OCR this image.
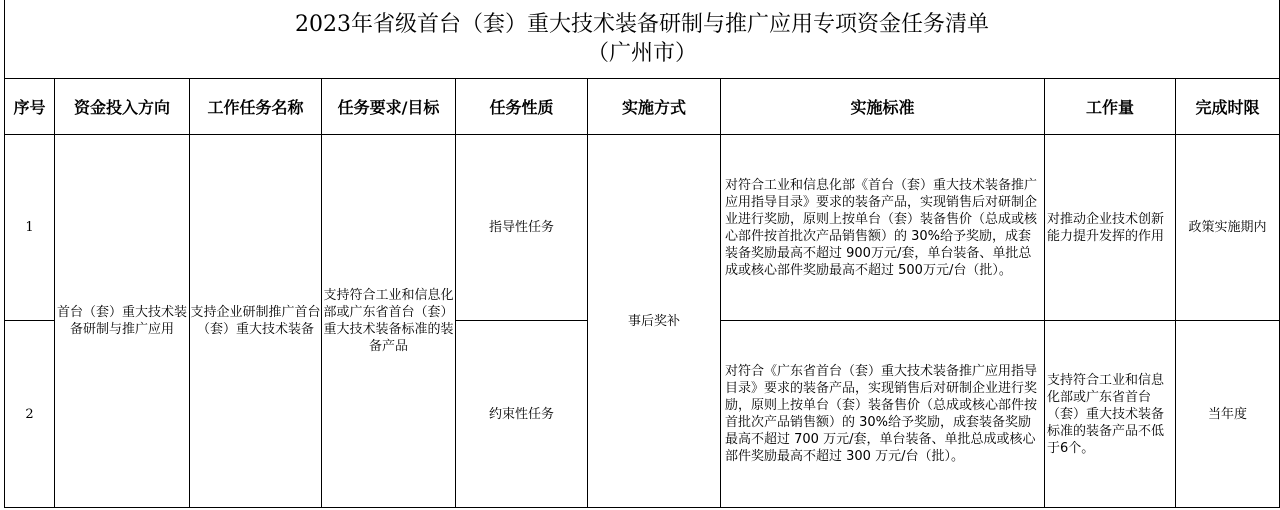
2023年省级首台（套）重大技术装备研制与推广应用专项资金任务清单
（广州市）
序号	资金投入方向	工作任务名称	任务要求/目标	任务性质	实施方式	实施标准	工作量	完成时限
1	首台（套）重大技术装备研制与推广应用	支持企业研制推广首台（套）重大技术装备	支持符合工业和信息化部或广东省首台（套）重大技术装备标准的装备产品	指导性任务	事后奖补	对符合工业和信息化部《首台（套）重大技术装备推广应用指导目录》要求的装备产品，实现销售后对研制企业进行奖励，原则上按单台（套）装备售价（总成或核心部件按首批次产品销售额）的 30%给予奖励，成套装备奖励最高不超过 900万元/套，单台装备、单批总成或核心部件奖励最高不超过 500万元/台（批）。	对推动企业技术创新能力提升发挥的作用	政策实施期内
2				约束性任务		对符合《广东省首台（套）重大技术装备推广应用指导目录》要求的装备产品，实现销售后对研制企业进行奖励，原则上按单台（套）装备售价（总成或核心部件按首批次产品销售额）的 30%给予奖励，成套装备奖励最高不超过 700 万元/套，单台装备、单批总成或核心部件奖励最高不超过 300 万元/台（批）。	支持符合工业和信息化部或广东省首台（套）重大技术装备标准的装备产品不低于6个。	当年度
